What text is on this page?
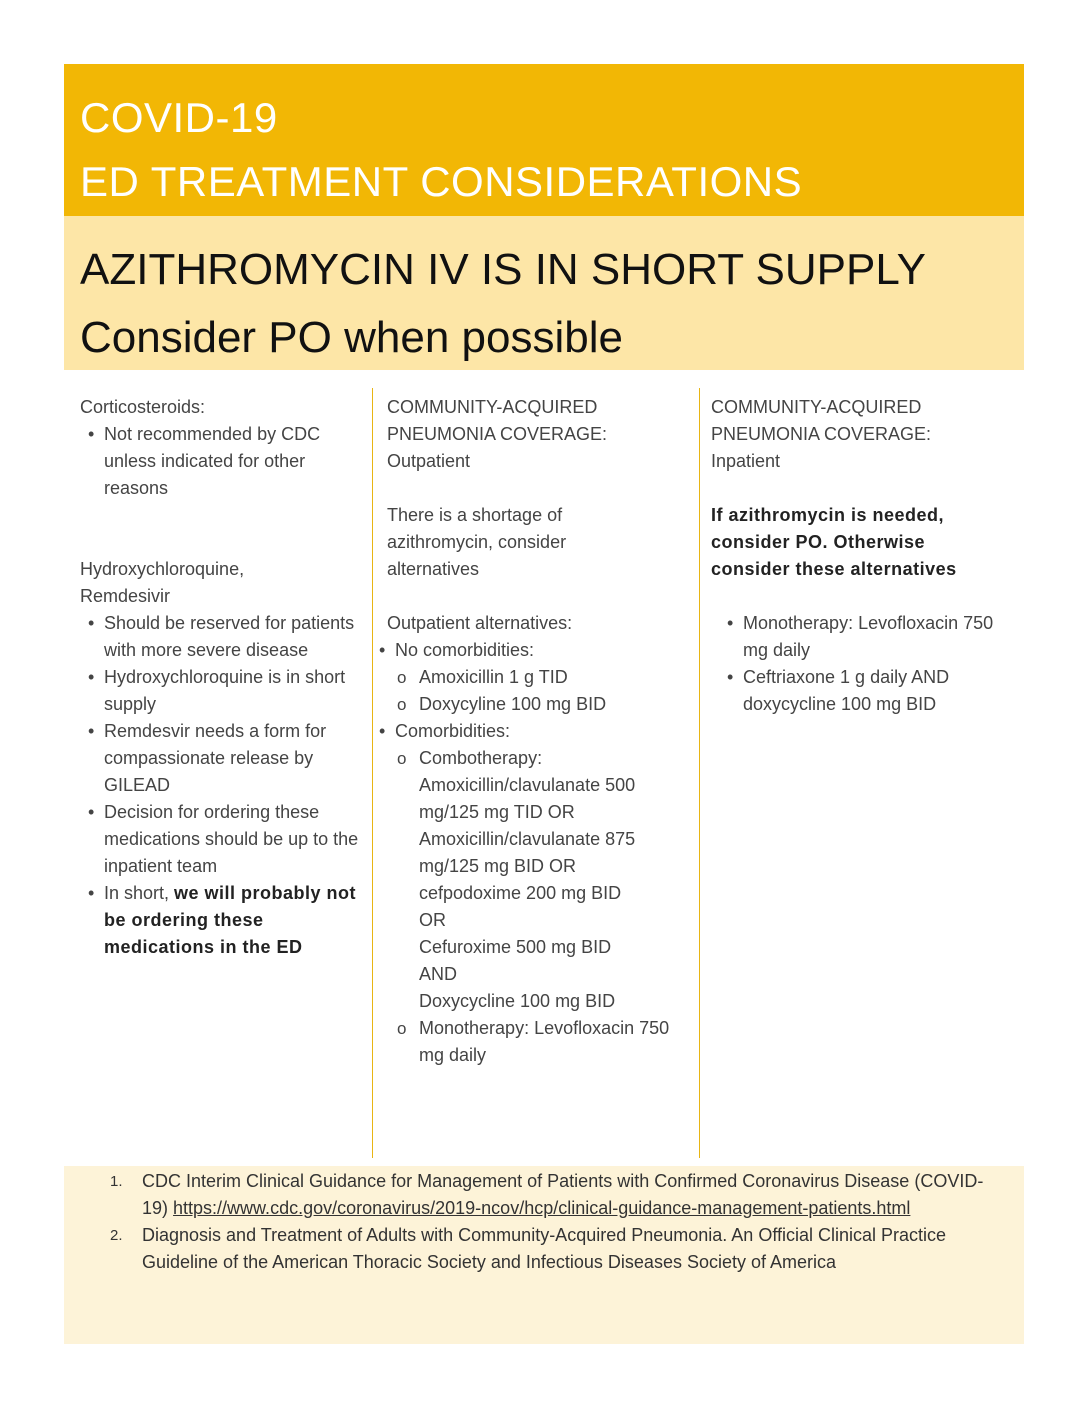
COVID-19
ED TREATMENT CONSIDERATIONS
AZITHROMYCIN IV IS IN SHORT SUPPLY
Consider PO when possible

Corticosteroids:

• Not recommended by CDC unless indicated for other reasons

Hydroxychloroquine,

Remdesivir

• Should be reserved for patients with more severe disease
• Hydroxychloroquine is in short supply
• Remdesvir needs a form for compassionate release by GILEAD
• Decision for ordering these medications should be up to the inpatient team
• In short, we will probably not be ordering these medications in the ED

COMMUNITY-ACQUIRED

PNEUMONIA COVERAGE:

Outpatient

There is a shortage of azithromycin, consider alternatives

Outpatient alternatives:

• No comorbidities:
o Amoxicillin 1 g TID
o Doxycyline 100 mg BID
• Comorbidities:
o Combotherapy:
Amoxicillin/clavulanate 500 mg/125 mg TID OR
Amoxicillin/clavulanate 875 mg/125 mg BID OR
cefpodoxime 200 mg BID
OR
Cefuroxime 500 mg BID
AND
Doxycycline 100 mg BID
o Monotherapy: Levofloxacin 750 mg daily

COMMUNITY-ACQUIRED

PNEUMONIA COVERAGE:

Inpatient

If azithromycin is needed, consider PO. Otherwise consider these alternatives

• Monotherapy: Levofloxacin 750 mg daily
• Ceftriaxone 1 g daily AND doxycycline 100 mg BID
1. CDC Interim Clinical Guidance for Management of Patients with Confirmed Coronavirus Disease (COVID-19) https://www.cdc.gov/coronavirus/2019-ncov/hcp/clinical-guidance-management-patients.html
2. Diagnosis and Treatment of Adults with Community-Acquired Pneumonia. An Official Clinical Practice Guideline of the American Thoracic Society and Infectious Diseases Society of America
